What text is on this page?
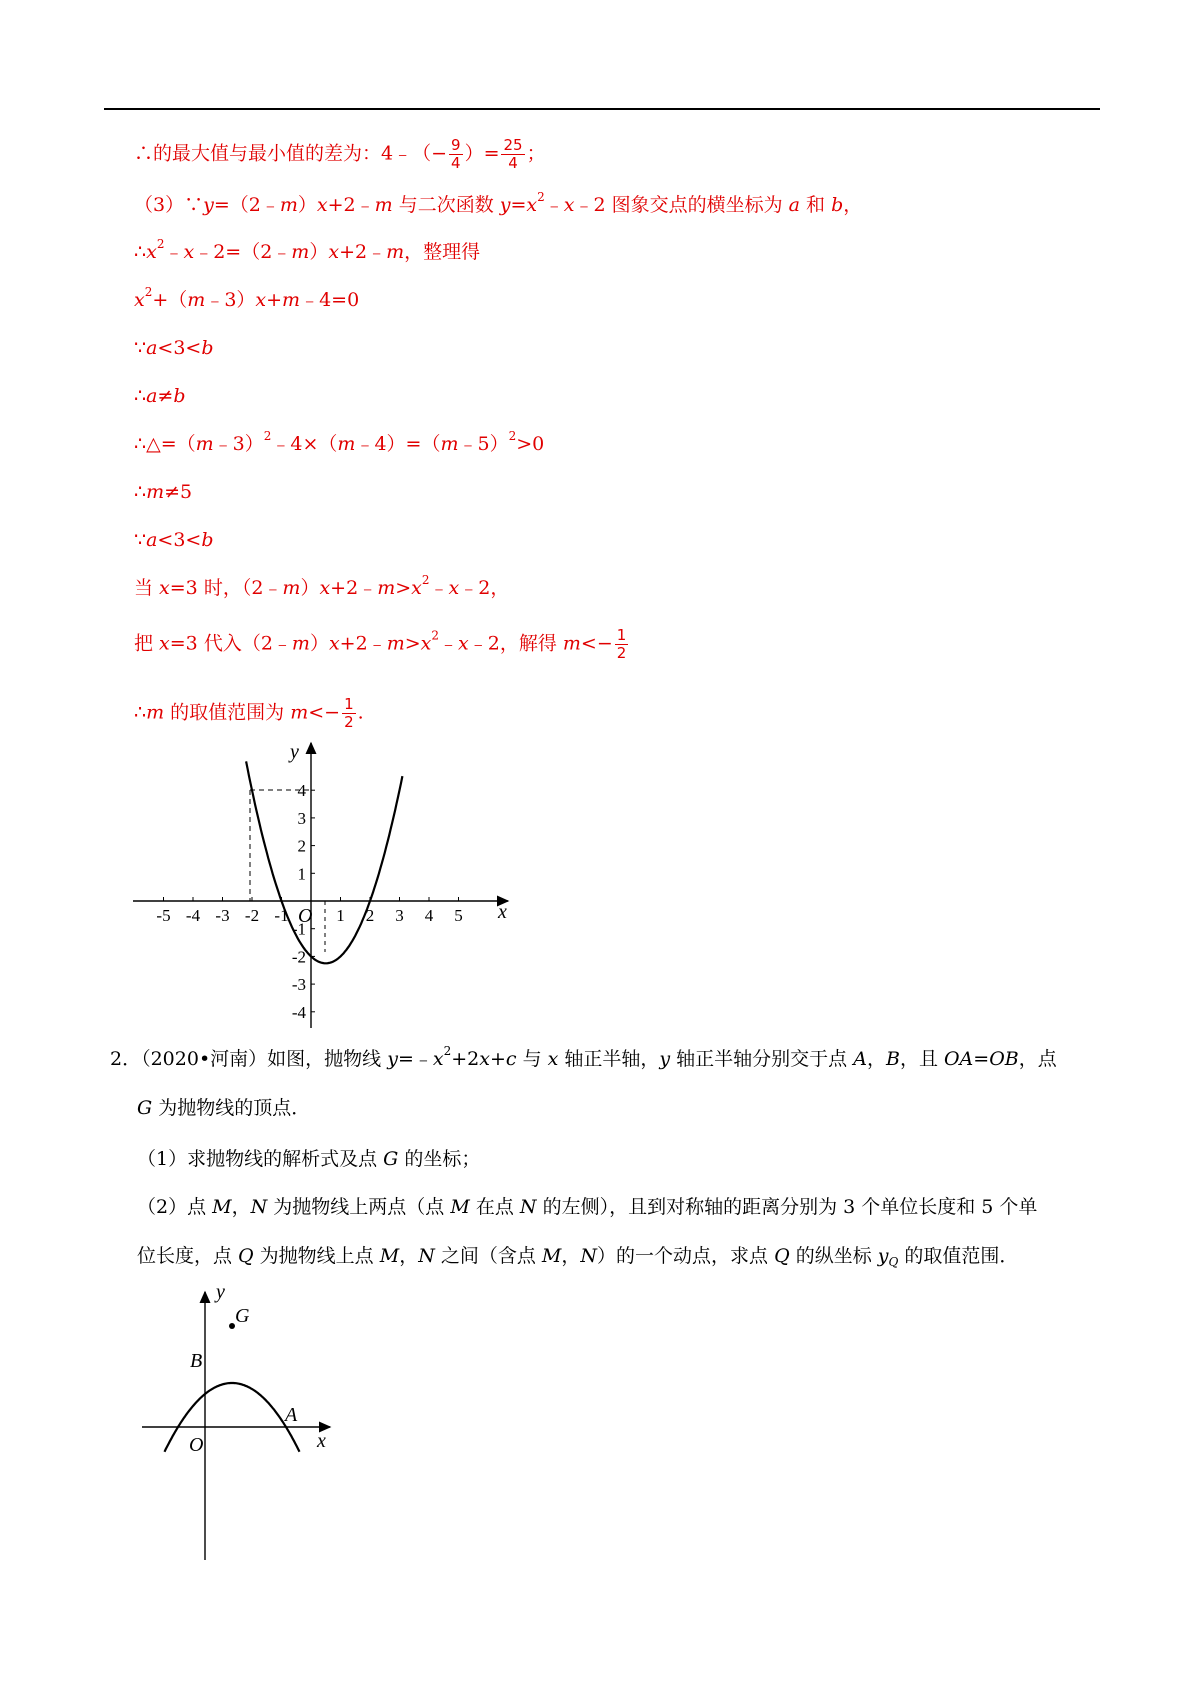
∴的最大值与最小值的差为：4﹣（− $\frac{9}{4}$ ）= $\frac{25}{4}$ ；
（3）∵y=（2﹣m）x+2﹣m 与二次函数 $y=x^2﹣x﹣2$ 图象交点的横坐标为 a 和 b，
$\therefore x^2﹣x﹣2=(2﹣m)x+2﹣m$，整理得
$x^2+(m﹣3)x+m﹣4=0$
∵a<3<b
∴a≠b
∴△=（m﹣3）$^2$﹣4×（m﹣4）=（m﹣5）$^2$>0
∴m≠5
∵a<3<b
当 x=3 时，$(2﹣m)x+2﹣m>x^2﹣x﹣2$，
把 x=3 代入$(2﹣m)x+2﹣m>x^2﹣x﹣2$，解得 $m<- \frac{1}{2}$
∴m 的取值范围为 $m<- \frac{1}{2}$ .
-5 -4 -3 -2 -1	1 2 3 4 5
4
3
2
1
-1
-2
-3
-4
O	x
y
2．（2020•河南）如图，抛物线 $y=﹣x^2+2x+c$ 与 x 轴正半轴，y 轴正半轴分别交于点 A，B，且 OA=OB，点
G 为抛物线的顶点．
（1）求抛物线的解析式及点 G 的坐标；
（2）点 M，N 为抛物线上两点（点 M 在点 N 的左侧），且到对称轴的距离分别为 3 个单位长度和 5 个单
位长度，点 Q 为抛物线上点 M，N 之间（含点 M，N）的一个动点，求点 Q 的纵坐标 $y_Q$ 的取值范围．
G
B
A
O	x
y
